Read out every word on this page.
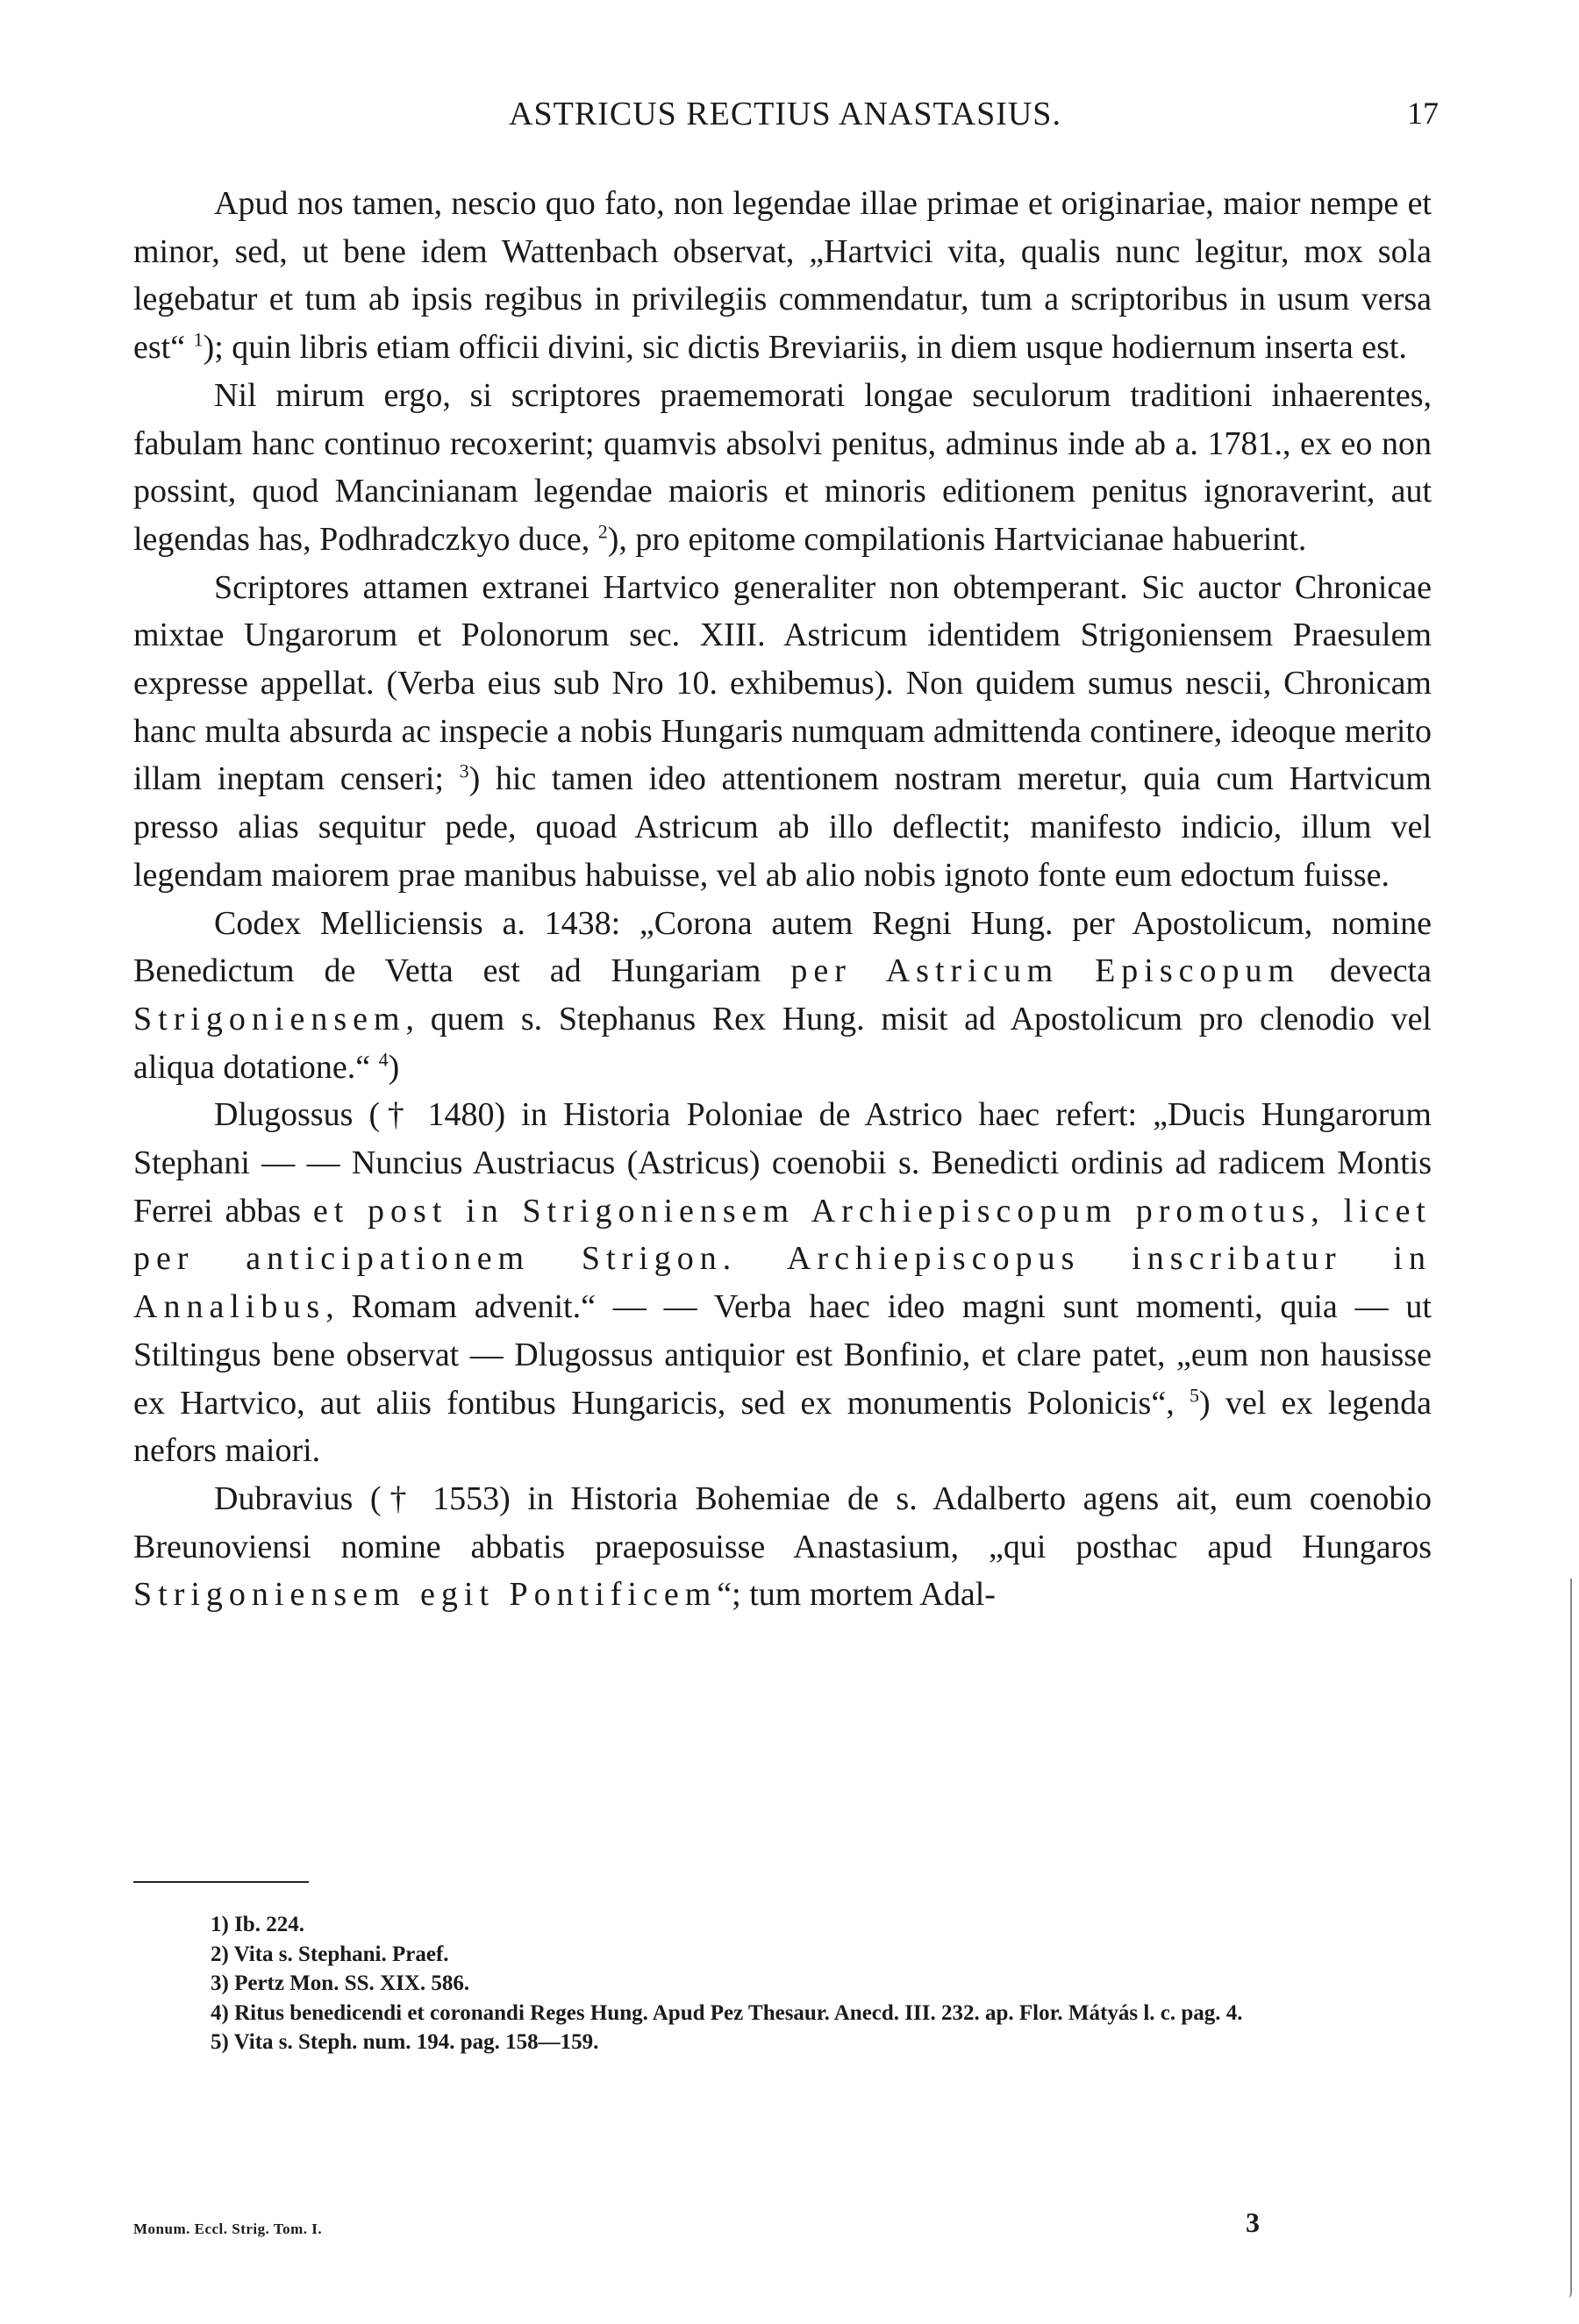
ASTRICUS RECTIUS ANASTASIUS.	17

Apud nos tamen, nescio quo fato, non legendae illae primae et originariae, maior nempe et minor, sed, ut bene idem Wattenbach observat, „Hartvici vita, qualis nunc legitur, mox sola legebatur et tum ab ipsis regibus in privilegiis commendatur, tum a scriptoribus in usum versa est“ $^1$); quin libris etiam officii divini, sic dictis Breviariis, in diem usque hodiernum inserta est.

Nil mirum ergo, si scriptores praememorati longae seculorum traditioni inhaerentes, fabulam hanc continuo recoxerint; quamvis absolvi penitus, adminus inde ab a. 1781., ex eo non possint, quod Mancinianam legendae maioris et minoris editionem penitus ignoraverint, aut legendas has, Podhradczkyo duce, $^2$), pro epitome compilationis Hartvicianae habuerint.

Scriptores attamen extranei Hartvico generaliter non obtemperant. Sic auctor Chronicae mixtae Ungarorum et Polonorum sec. XIII. Astricum identidem Strigoniensem Praesulem expresse appellat. (Verba eius sub Nro 10. exhibemus). Non quidem sumus nescii, Chronicam hanc multa absurda ac inspecie a nobis Hungaris numquam admittenda continere, ideoque merito illam ineptam censeri; $^3$) hic tamen ideo attentionem nostram meretur, quia cum Hartvicum presso alias sequitur pede, quoad Astricum ab illo deflectit; manifesto indicio, illum vel legendam maiorem prae manibus habuisse, vel ab alio nobis ignoto fonte eum edoctum fuisse.

Codex Melliciensis a. 1438: „Corona autem Regni Hung. per Apostolicum, nomine Benedictum de Vetta est ad Hungariam per Astricum Episcopum devecta Strigoniensem, quem s. Stephanus Rex Hung. misit ad Apostolicum pro clenodio vel aliqua dotatione.“ $^4$)

Dlugossus († 1480) in Historia Poloniae de Astrico haec refert: „Ducis Hungarorum Stephani — — Nuncius Austriacus (Astricus) coenobii s. Benedicti ordinis ad radicem Montis Ferrei abbas et post in Strigoniensem Archiepiscopum promotus, licet per anticipationem Strigon. Archiepiscopus inscribatur in Annalibus, Romam advenit.“ — — Verba haec ideo magni sunt momenti, quia — ut Stiltingus bene observat — Dlugossus antiquior est Bonfinio, et clare patet, „eum non hausisse ex Hartvico, aut aliis fontibus Hungaricis, sed ex monumentis Polonicis“, $^5$) vel ex legenda nefors maiori.

Dubravius († 1553) in Historia Bohemiae de s. Adalberto agens ait, eum coenobio Breunoviensi nomine abbatis praeposuisse Anastasium, „qui posthac apud Hungaros Strigoniensem egit Pontificem“; tum mortem Adal-

1) Ib. 224.

2) Vita s. Stephani. Praef.

3) Pertz Mon. SS. XIX. 586.

4) Ritus benedicendi et coronandi Reges Hung. Apud Pez Thesaur. Anecd. III. 232. ap. Flor. Mátyás l. c. pag. 4.

5) Vita s. Steph. num. 194. pag. 158—159.

Monum. Eccl. Strig. Tom. I.	3
